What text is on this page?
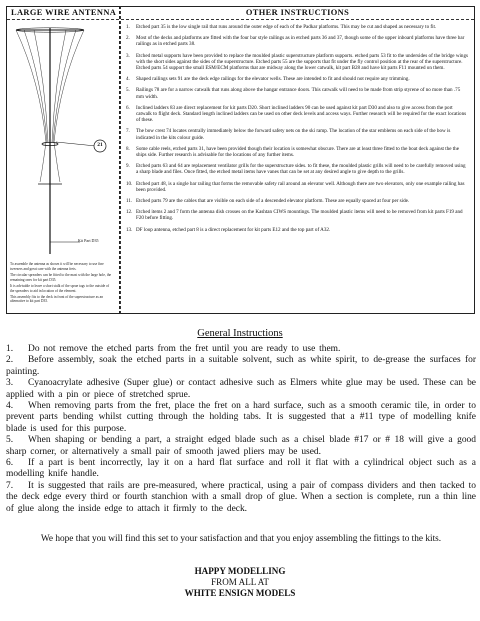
LARGE WIRE ANTENNA
21
Kit Part D35

To assemble the antenna as shown it will be necessary to use fine tweezers and great care with the antenna frets.

The circular spreaders can be fitted to the mast with the large hole, the remaining ones for kit part D35.

It is advisable to leave a short stalk of the sprue tags to the outside of the spreaders to aid in location of the element.

This assembly fits to the deck in front of the superstructure as an alternative to kit part D35.

OTHER INSTRUCTIONS
1.	Etched part 35 is the low single rail that runs around the outer edge of each of the Padkar platforms. This may be cut and shaped as necessary to fit.
2.	Most of the decks and platforms are fitted with the four bar style railings as in etched parts 36 and 37, though some of the upper inboard platforms have three bar railings as in etched parts 38.
3.	Etched metal supports have been provided to replace the moulded plastic superstructure platform supports. etched parts 53 fit to the undersides of the bridge wings with the short sides against the sides of the superstructure. Etched parts 55 are the supports that fit under the fly control position at the rear of the superstructure. Etched parts 54 support the small ESM/ECM platforms that are midway along the lower catwalk, kit part B28 and have kit parts F11 mounted on them.
4.	Shaped railings sets 91 are the deck edge railings for the elevator wells. These are intended to fit and should not require any trimming.
5.	Railings 78 are for a narrow catwalk that runs along above the hangar entrance doors. This catwalk will need to be made from strip styrene of no more than .75 mm width.
6.	Inclined ladders 83 are direct replacement for kit parts D20. Short inclined ladders 90 can be used against kit part D30 and also to give access from the port catwalk to flight deck. Standard length inclined ladders can be used on other deck levels and access ways. Further research will be required for the exact locations of these.
7.	The bow crest 74 locates centrally immediately below the forward safety nets on the ski ramp. The location of the star emblems on each side of the bow is indicated in the kits colour guide.
8.	Some cable reels, etched parts 31, have been provided though their location is somewhat obscure. There are at least three fitted to the boat deck against the the ships side. Further research is advisable for the locations of any further items.
9.	Etched parts 63 and 64 are replacement ventilator grills for the superstructure sides. to fit these, the moulded plastic grills will need to be carefully removed using a sharp blade and files. Once fitted, the etched metal items have vanes that can be set at any desired angle to give depth to the grills.
10. Etched part 48, is a single bar railing that forms the removable safety rail around an elevator well. Although there are two elevators, only one example railing has been provided.
11. Etched parts 79 are the cables that are visible on each side of a descended elevator platform. These are equally spaced at four per side.
12. Etched items 2 and 7 form the antenna dish crosses on the Kashtan CIWS mountings. The moulded plastic items will need to be removed from kit parts F19 and F20 before fitting.
13. DF loop antenna, etched part 8 is a direct replacement for kit parts E12 and the top part of A32.
General Instructions

1. Do not remove the etched parts from the fret until you are ready to use them.

2. Before assembly, soak the etched parts in a suitable solvent, such as white spirit, to de-grease the surfaces for painting.

3. Cyanoacrylate adhesive (Super glue) or contact adhesive such as Elmers white glue may be used. These can be applied with a pin or piece of stretched sprue.

4. When removing parts from the fret, place the fret on a hard surface, such as a smooth ceramic tile, in order to prevent parts bending whilst cutting through the holding tabs. It is suggested that a #11 type of modelling knife blade is used for this purpose.

5. When shaping or bending a part, a straight edged blade such as a chisel blade #17 or # 18 will give a good sharp corner, or alternatively a small pair of smooth jawed pliers may be used.

6. If a part is bent incorrectly, lay it on a hard flat surface and roll it flat with a cylindrical object such as a modelling knife handle.

7. It is suggested that rails are pre-measured, where practical, using a pair of compass dividers and then tacked to the deck edge every third or fourth stanchion with a small drop of glue. When a section is complete, run a thin line of glue along the inside edge to attach it firmly to the deck.

We hope that you will find this set to your satisfaction and that you enjoy assembling the fittings to the kits.
HAPPY MODELLING
FROM ALL AT
WHITE ENSIGN MODELS
